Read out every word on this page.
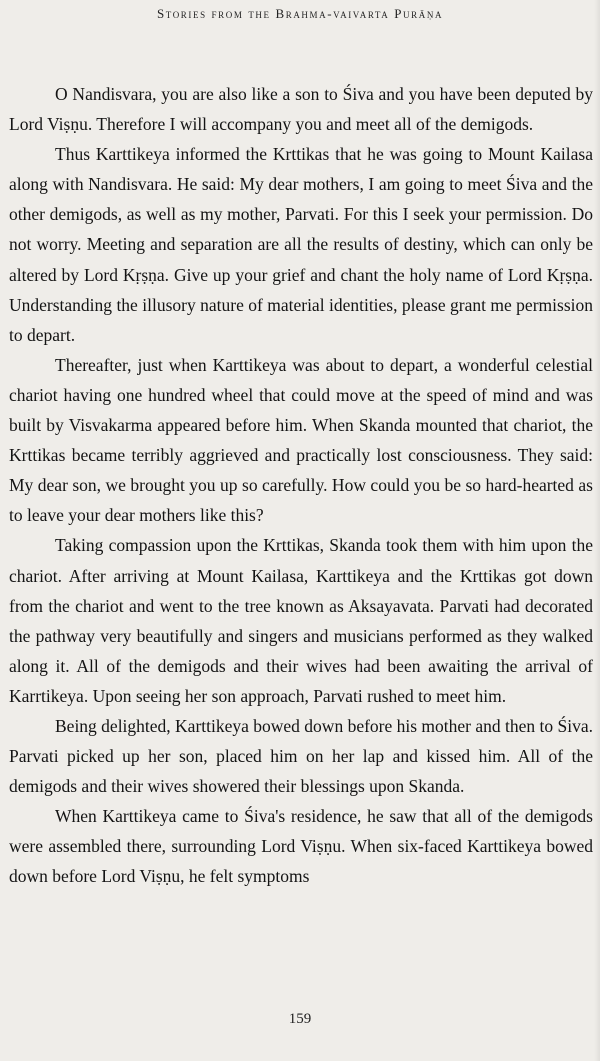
Stories from the Brahma-vaivarta Purāṇa

O Nandisvara, you are also like a son to Śiva and you have been deputed by Lord Viṣṇu. Therefore I will accompany you and meet all of the demigods.

Thus Karttikeya informed the Krttikas that he was going to Mount Kailasa along with Nandisvara. He said: My dear mothers, I am going to meet Śiva and the other demigods, as well as my mother, Parvati. For this I seek your permission. Do not worry. Meeting and separation are all the results of destiny, which can only be altered by Lord Kṛṣṇa. Give up your grief and chant the holy name of Lord Kṛṣṇa. Understanding the illusory nature of material identities, please grant me permission to depart.

Thereafter, just when Karttikeya was about to depart, a wonderful celestial chariot having one hundred wheel that could move at the speed of mind and was built by Visvakarma appeared before him. When Skanda mounted that chariot, the Krttikas became terribly aggrieved and practically lost consciousness. They said: My dear son, we brought you up so carefully. How could you be so hard-hearted as to leave your dear mothers like this?

Taking compassion upon the Krttikas, Skanda took them with him upon the chariot. After arriving at Mount Kailasa, Karttikeya and the Krttikas got down from the chariot and went to the tree known as Aksayavata. Parvati had decorated the pathway very beautifully and singers and musicians performed as they walked along it. All of the demigods and their wives had been awaiting the arrival of Karrtikeya. Upon seeing her son approach, Parvati rushed to meet him.

Being delighted, Karttikeya bowed down before his mother and then to Śiva. Parvati picked up her son, placed him on her lap and kissed him. All of the demigods and their wives showered their blessings upon Skanda.

When Karttikeya came to Śiva's residence, he saw that all of the demigods were assembled there, surrounding Lord Viṣṇu. When six-faced Karttikeya bowed down before Lord Viṣṇu, he felt symptoms

159
